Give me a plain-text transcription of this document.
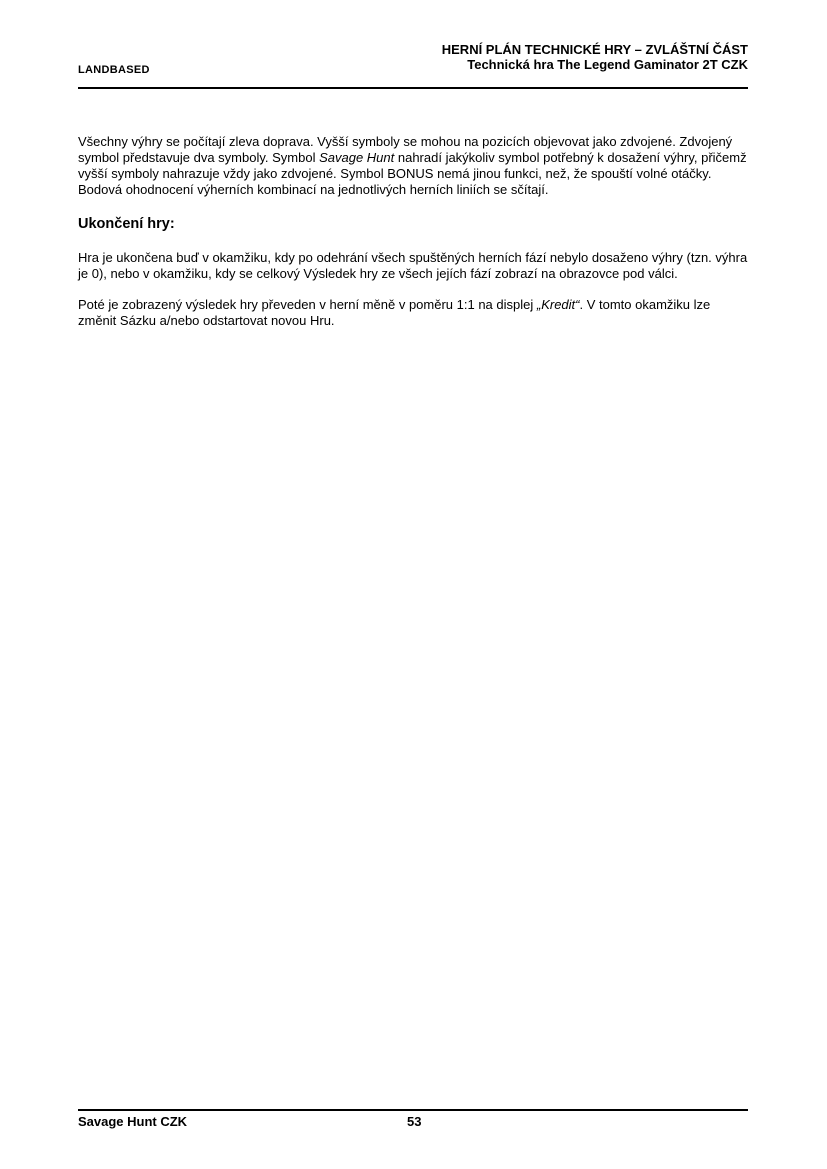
LANDBASED
HERNÍ PLÁN TECHNICKÉ HRY – ZVLÁŠTNÍ ČÁST
Technická hra The Legend Gaminator 2T CZK

Všechny výhry se počítají zleva doprava. Vyšší symboly se mohou na pozicích objevovat jako zdvojené. Zdvojený symbol představuje dva symboly. Symbol Savage Hunt nahradí jakýkoliv symbol potřebný k dosažení výhry, přičemž vyšší symboly nahrazuje vždy jako zdvojené. Symbol BONUS nemá jinou funkci, než, že spouští volné otáčky. Bodová ohodnocení výherních kombinací na jednotlivých herních liniích se sčítají.

Ukončení hry:

Hra je ukončena buď v okamžiku, kdy po odehrání všech spuštěných herních fází nebylo dosaženo výhry (tzn. výhra je 0), nebo v okamžiku, kdy se celkový Výsledek hry ze všech jejích fází zobrazí na obrazovce pod válci.

Poté je zobrazený výsledek hry převeden v herní měně v poměru 1:1 na displej „Kredit“. V tomto okamžiku lze změnit Sázku a/nebo odstartovat novou Hru.

Savage Hunt CZK	53
